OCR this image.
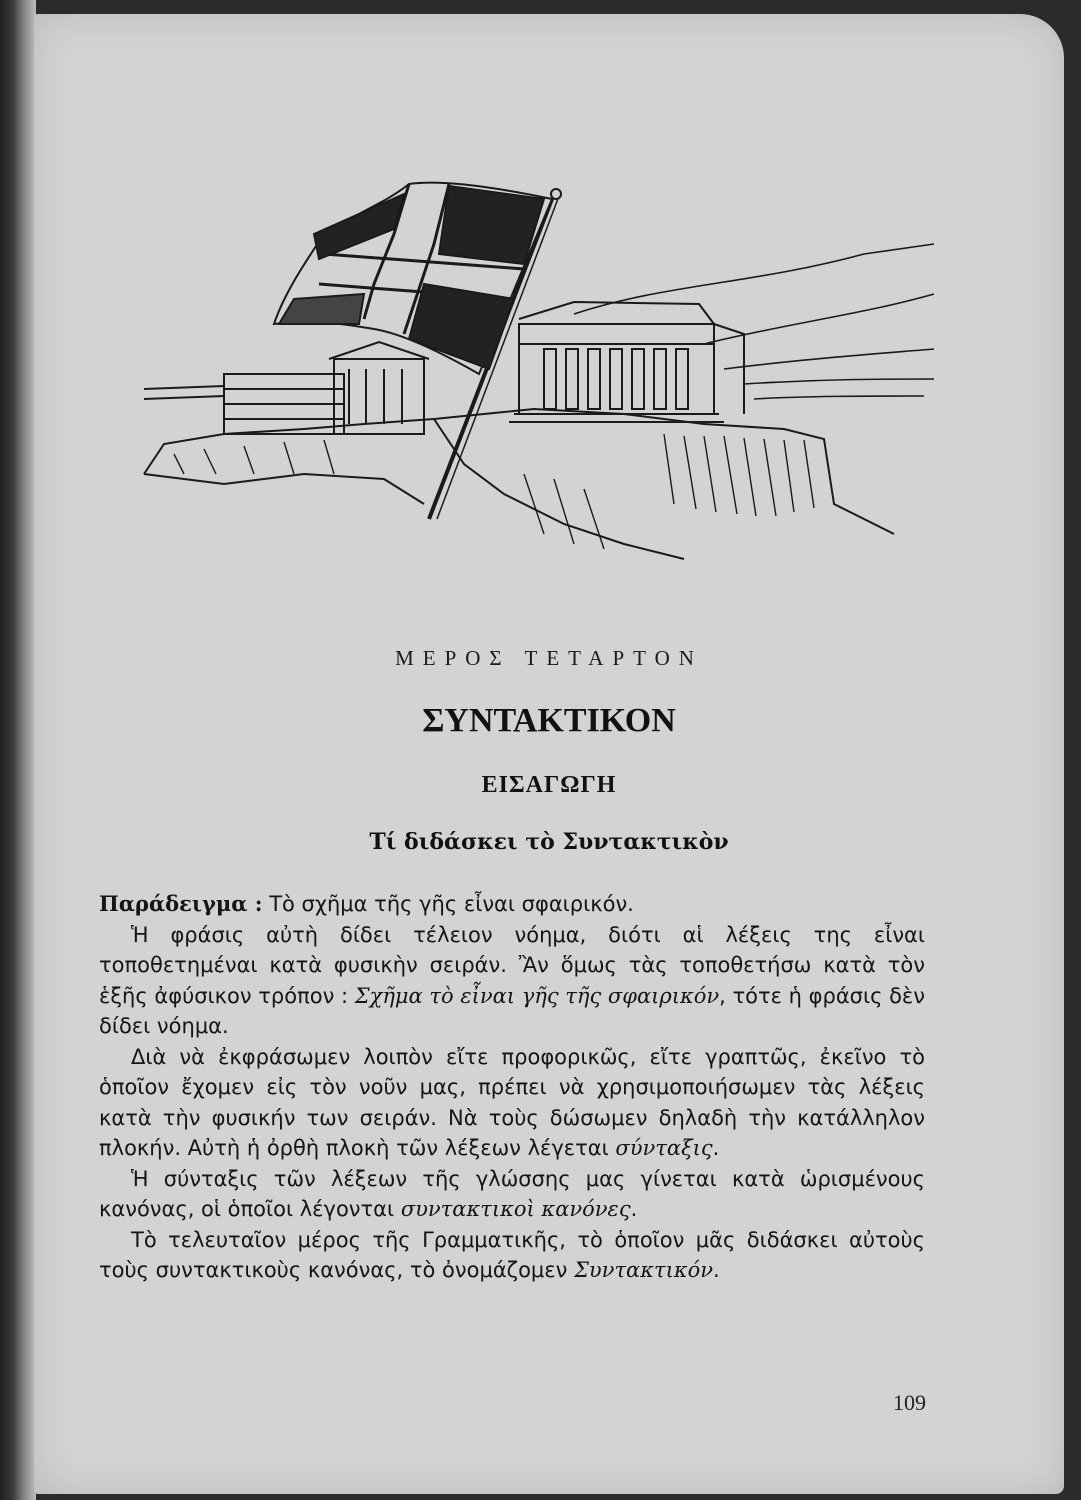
ΜΕΡΟΣ ΤΕΤΑΡΤΟΝ
ΣΥΝΤΑΚΤΙΚΟΝ
ΕΙΣΑΓΩΓΗ
Τί διδάσκει τὸ Συντακτικὸν

Παράδειγμα : Τὸ σχῆμα τῆς γῆς εἶναι σφαιρικόν.

Ἡ φράσις αὐτὴ δίδει τέλειον νόημα, διότι αἱ λέξεις της εἶναι τοποθετημέναι κατὰ φυσικὴν σειράν. Ἂν ὅμως τὰς τοποθετήσω κατὰ τὸν ἑξῆς ἀφύσικον τρόπον : Σχῆμα τὸ εἶναι γῆς τῆς σφαιρικόν, τότε ἡ φράσις δὲν δίδει νόημα.

Διὰ νὰ ἐκφράσωμεν λοιπὸν εἴτε προφορικῶς, εἴτε γραπτῶς, ἐκεῖνο τὸ ὁποῖον ἔχομεν εἰς τὸν νοῦν μας, πρέπει νὰ χρησιμοποιήσωμεν τὰς λέξεις κατὰ τὴν φυσικήν των σειράν. Νὰ τοὺς δώσωμεν δηλαδὴ τὴν κατάλληλον πλοκήν. Αὐτὴ ἡ ὀρθὴ πλοκὴ τῶν λέξεων λέγεται σύνταξις.

Ἡ σύνταξις τῶν λέξεων τῆς γλώσσης μας γίνεται κατὰ ὡρισμένους κανόνας, οἱ ὁποῖοι λέγονται συντακτικοὶ κανόνες.

Τὸ τελευταῖον μέρος τῆς Γραμματικῆς, τὸ ὁποῖον μᾶς διδάσκει αὐτοὺς τοὺς συντακτικοὺς κανόνας, τὸ ὀνομάζομεν Συντακτικόν.

109
